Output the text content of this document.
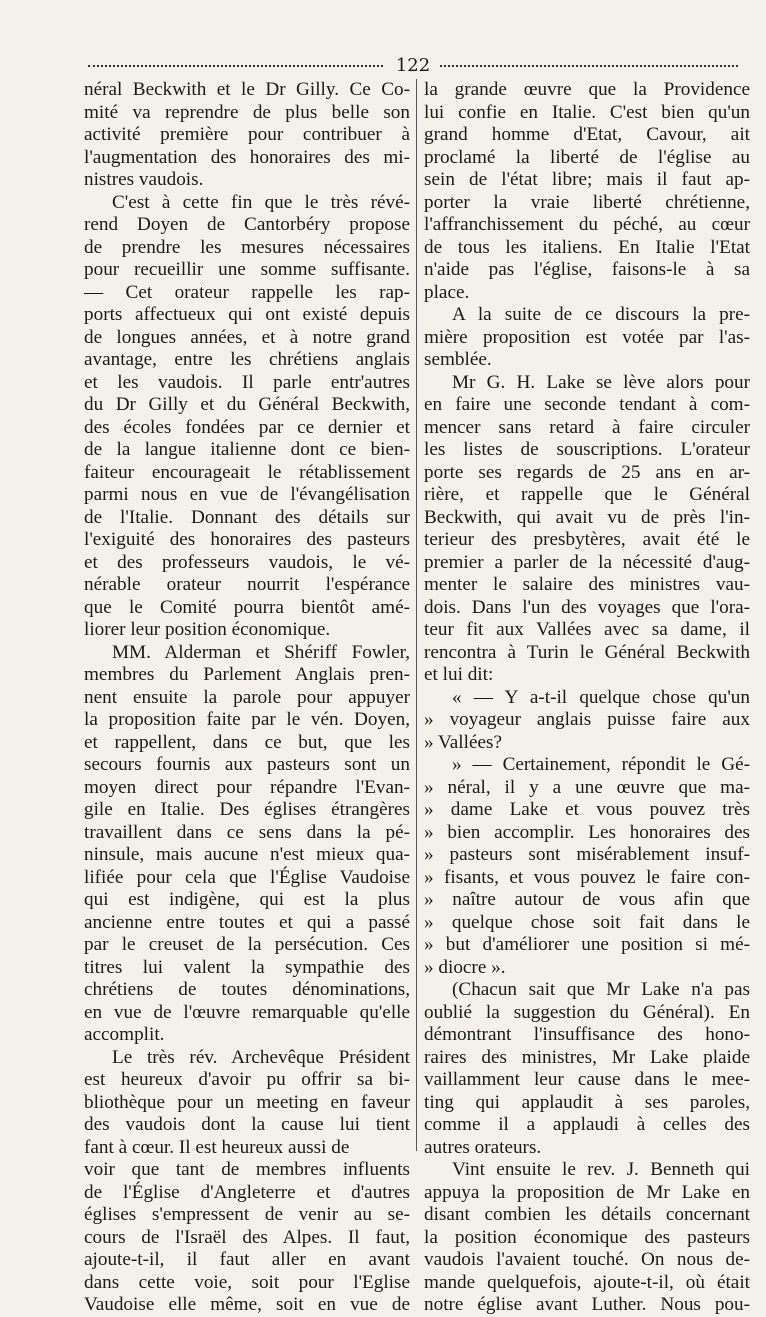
122
néral Beckwith et le Dr Gilly. Ce Co-
mité va reprendre de plus belle son
activité première pour contribuer à
l'augmentation des honoraires des mi-
nistres vaudois.
C'est à cette fin que le très révé-
rend Doyen de Cantorbéry propose
de prendre les mesures nécessaires
pour recueillir une somme suffisante.
— Cet orateur rappelle les rap-
ports affectueux qui ont existé depuis
de longues années, et à notre grand
avantage, entre les chrétiens anglais
et les vaudois. Il parle entr'autres
du Dr Gilly et du Général Beckwith,
des écoles fondées par ce dernier et
de la langue italienne dont ce bien-
faiteur encourageait le rétablissement
parmi nous en vue de l'évangélisation
de l'Italie. Donnant des détails sur
l'exiguité des honoraires des pasteurs
et des professeurs vaudois, le vé-
nérable orateur nourrit l'espérance
que le Comité pourra bientôt amé-
liorer leur position économique.
MM. Alderman et Shériff Fowler,
membres du Parlement Anglais pren-
nent ensuite la parole pour appuyer
la proposition faite par le vén. Doyen,
et rappellent, dans ce but, que les
secours fournis aux pasteurs sont un
moyen direct pour répandre l'Evan-
gile en Italie. Des églises étrangères
travaillent dans ce sens dans la pé-
ninsule, mais aucune n'est mieux qua-
lifiée pour cela que l'Église Vaudoise
qui est indigène, qui est la plus
ancienne entre toutes et qui a passé
par le creuset de la persécution. Ces
titres lui valent la sympathie des
chrétiens de toutes dénominations,
en vue de l'œuvre remarquable qu'elle
accomplit.
Le très rév. Archevêque Président
est heureux d'avoir pu offrir sa bi-
bliothèque pour un meeting en faveur
des vaudois dont la cause lui tient
fant à cœur. Il est heureux aussi de
voir que tant de membres influents
de l'Église d'Angleterre et d'autres
églises s'empressent de venir au se-
cours de l'Israël des Alpes. Il faut,
ajoute-t-il, il faut aller en avant
dans cette voie, soit pour l'Eglise
Vaudoise elle même, soit en vue de
la grande œuvre que la Providence
lui confie en Italie. C'est bien qu'un
grand homme d'Etat, Cavour, ait
proclamé la liberté de l'église au
sein de l'état libre; mais il faut ap-
porter la vraie liberté chrétienne,
l'affranchissement du péché, au cœur
de tous les italiens. En Italie l'Etat
n'aide pas l'église, faisons-le à sa
place.
A la suite de ce discours la pre-
mière proposition est votée par l'as-
semblée.
Mr G. H. Lake se lève alors pour
en faire une seconde tendant à com-
mencer sans retard à faire circuler
les listes de souscriptions. L'orateur
porte ses regards de 25 ans en ar-
rière, et rappelle que le Général
Beckwith, qui avait vu de près l'in-
terieur des presbytères, avait été le
premier a parler de la nécessité d'aug-
menter le salaire des ministres vau-
dois. Dans l'un des voyages que l'ora-
teur fit aux Vallées avec sa dame, il
rencontra à Turin le Général Beckwith
et lui dit:
« — Y a-t-il quelque chose qu'un
» voyageur anglais puisse faire aux
» Vallées?
» — Certainement, répondit le Gé-
» néral, il y a une œuvre que ma-
» dame Lake et vous pouvez très
» bien accomplir. Les honoraires des
» pasteurs sont misérablement insuf-
» fisants, et vous pouvez le faire con-
» naître autour de vous afin que
» quelque chose soit fait dans le
» but d'améliorer une position si mé-
» diocre ».
(Chacun sait que Mr Lake n'a pas
oublié la suggestion du Général). En
démontrant l'insuffisance des hono-
raires des ministres, Mr Lake plaide
vaillamment leur cause dans le mee-
ting qui applaudit à ses paroles,
comme il a applaudi à celles des
autres orateurs.
Vint ensuite le rev. J. Benneth qui
appuya la proposition de Mr Lake en
disant combien les détails concernant
la position économique des pasteurs
vaudois l'avaient touché. On nous de-
mande quelquefois, ajoute-t-il, où était
notre église avant Luther. Nous pou-
